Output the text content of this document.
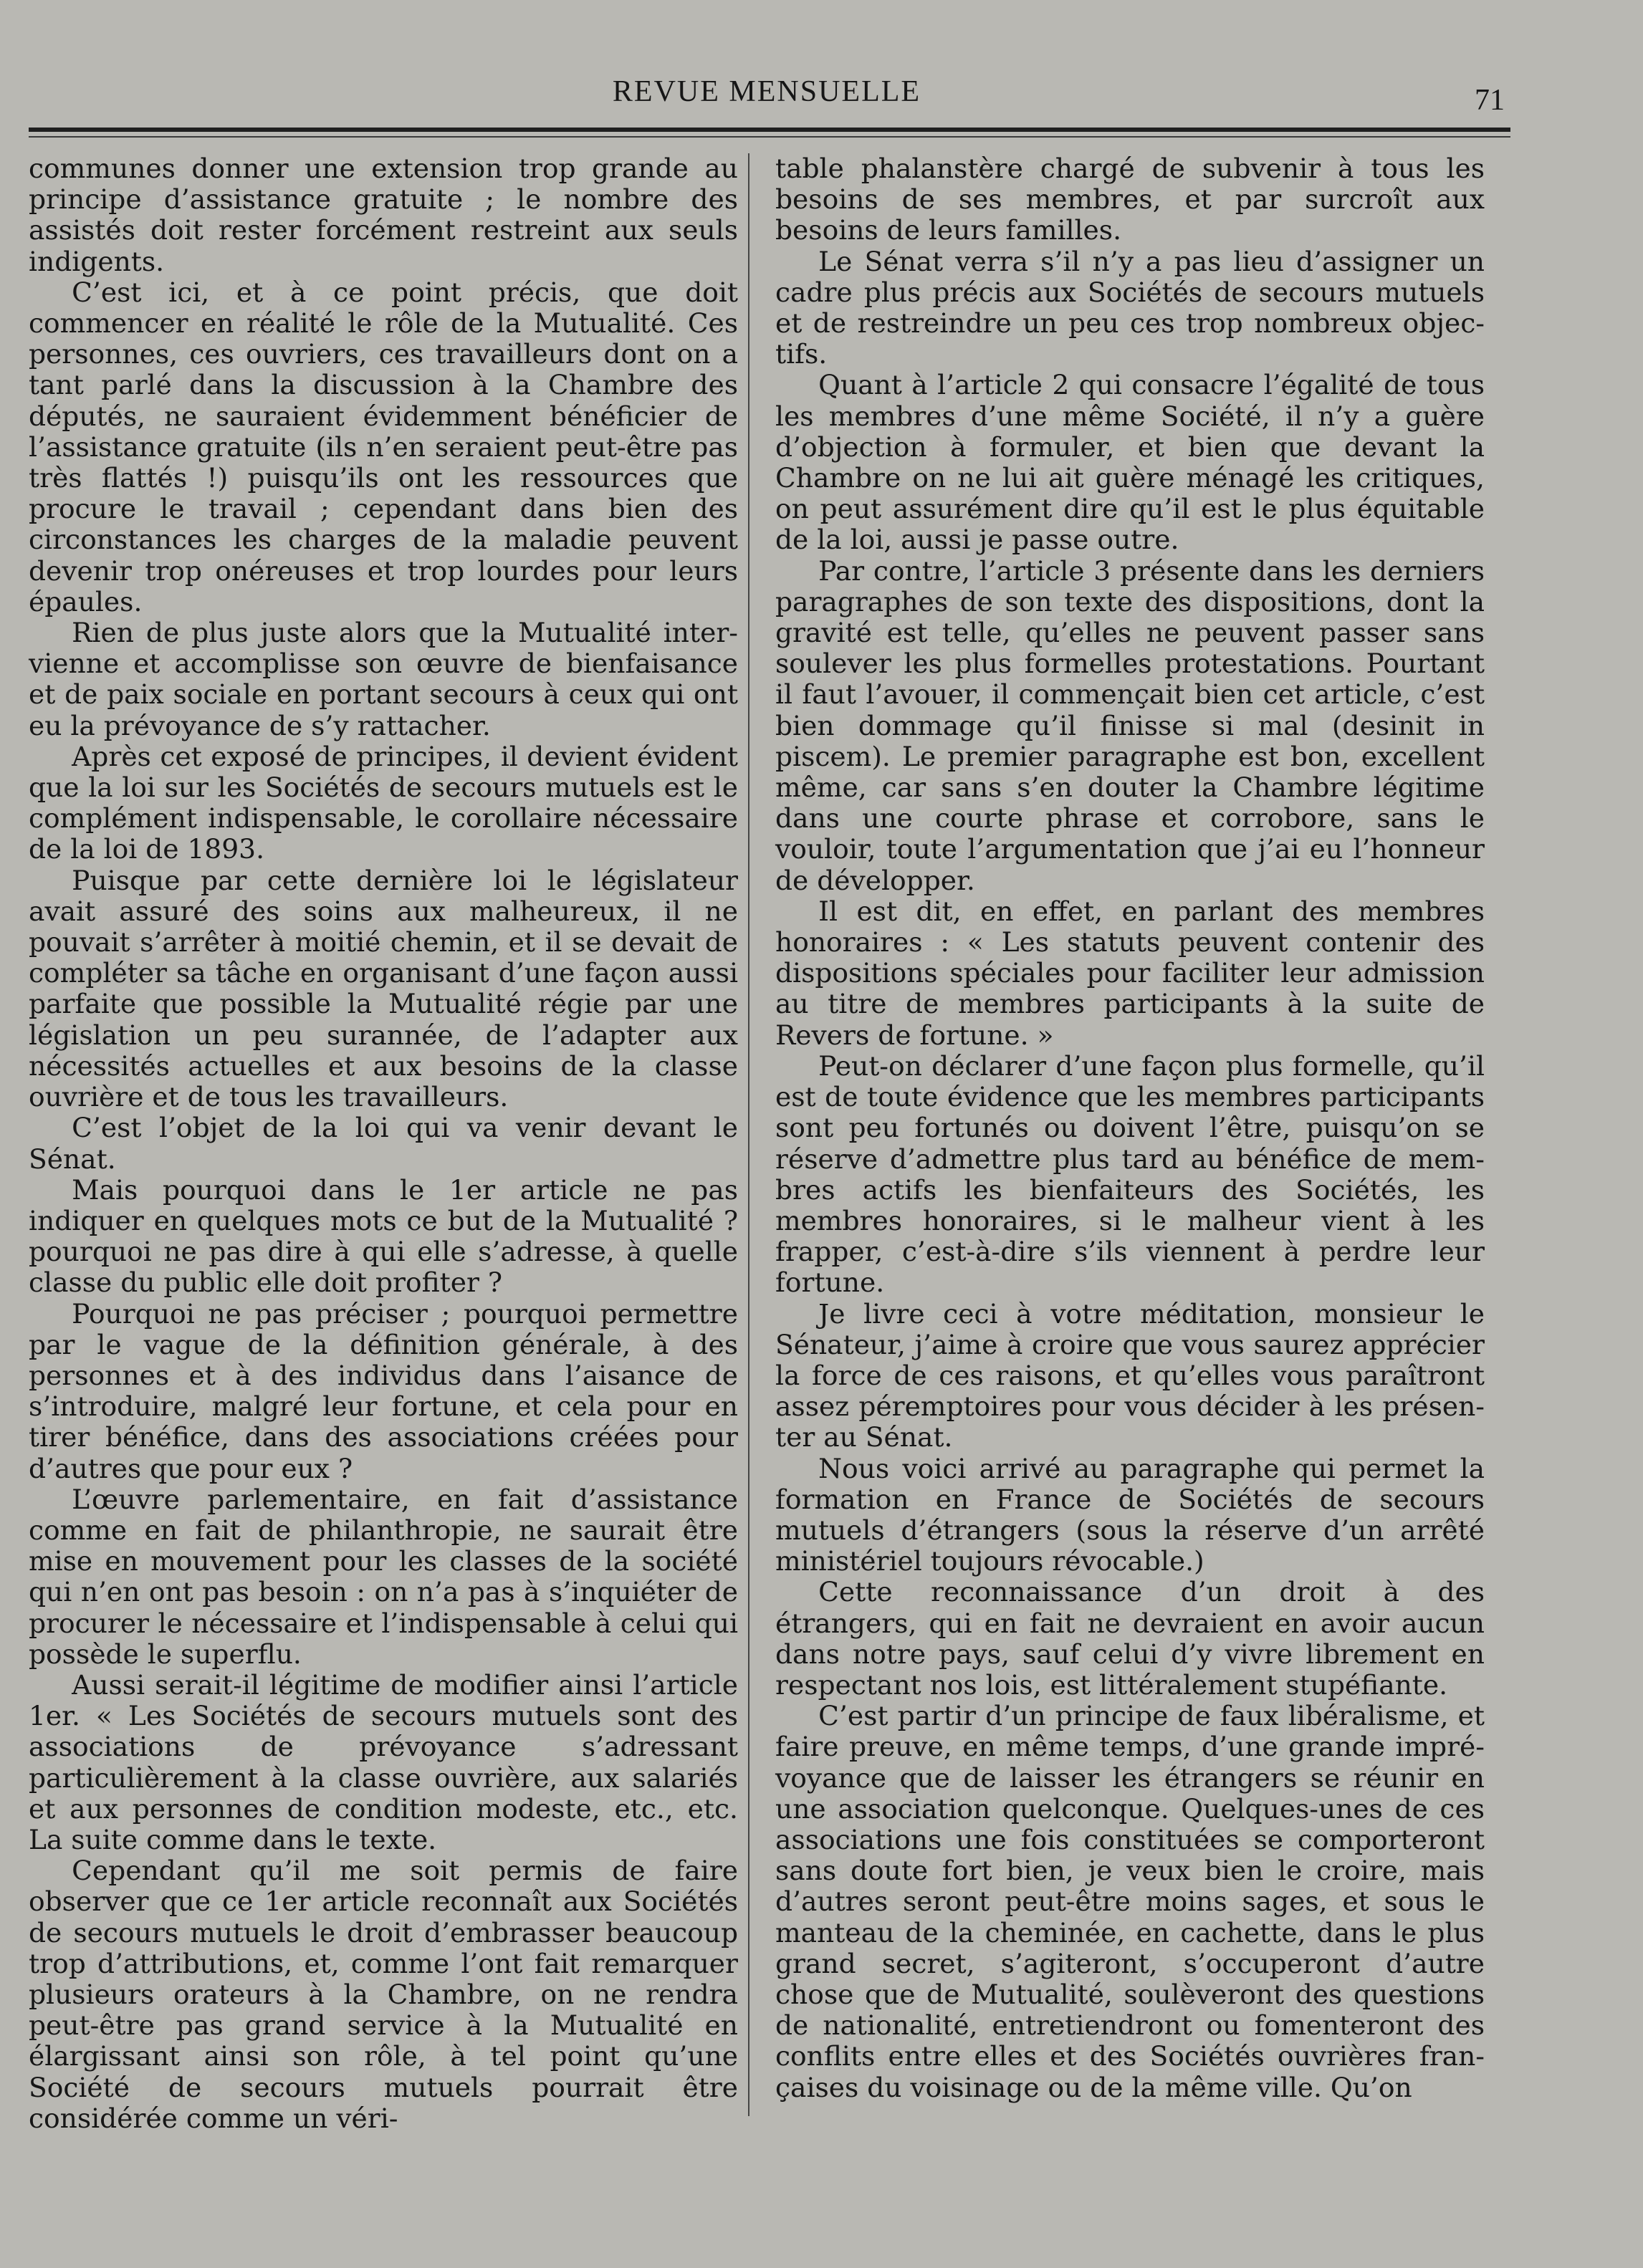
REVUE MENSUELLE	71

communes donner une extension trop grande au principe d’assistance gratuite ; le nombre des assistés doit rester forcément restreint aux seuls indigents.

C’est ici, et à ce point précis, que doit commencer en réalité le rôle de la Mutualité. Ces personnes, ces ouvriers, ces travailleurs dont on a tant parlé dans la discussion à la Chambre des députés, ne sauraient évidemment bénéficier de l’assistance gratuite (ils n’en seraient peut-être pas très flattés !) puisqu’ils ont les ressources que procure le travail ; cependant dans bien des circonstances les charges de la maladie peuvent devenir trop onéreuses et trop lourdes pour leurs épaules.

Rien de plus juste alors que la Mutualité intervienne et accomplisse son œuvre de bienfaisance et de paix sociale en portant secours à ceux qui ont eu la prévoyance de s’y rattacher.

Après cet exposé de principes, il devient évident que la loi sur les Sociétés de secours mutuels est le complément indispensable, le corollaire nécessaire de la loi de 1893.

Puisque par cette dernière loi le législateur avait assuré des soins aux malheureux, il ne pouvait s’arrêter à moitié chemin, et il se devait de compléter sa tâche en organisant d’une façon aussi parfaite que possible la Mutualité régie par une législation un peu surannée, de l’adapter aux nécessités actuelles et aux besoins de la classe ouvrière et de tous les travailleurs.

C’est l’objet de la loi qui va venir devant le Sénat.

Mais pourquoi dans le 1er article ne pas indiquer en quelques mots ce but de la Mutualité ? pourquoi ne pas dire à qui elle s’adresse, à quelle classe du public elle doit profiter ?

Pourquoi ne pas préciser ; pourquoi permettre par le vague de la définition générale, à des personnes et à des individus dans l’aisance de s’introduire, malgré leur fortune, et cela pour en tirer bénéfice, dans des associations créées pour d’autres que pour eux ?

L’œuvre parlementaire, en fait d’assistance comme en fait de philanthropie, ne saurait être mise en mouvement pour les classes de la société qui n’en ont pas besoin : on n’a pas à s’inquiéter de procurer le nécessaire et l’indispensable à celui qui possède le superflu.

Aussi serait-il légitime de modifier ainsi l’article 1er. « Les Sociétés de secours mutuels sont des associations de prévoyance s’adressant particulièrement à la classe ouvrière, aux salariés et aux personnes de condition modeste, etc., etc. La suite comme dans le texte.

Cependant qu’il me soit permis de faire observer que ce 1er article reconnaît aux Sociétés de secours mutuels le droit d’embrasser beaucoup trop d’attributions, et, comme l’ont fait remarquer plusieurs orateurs à la Chambre, on ne rendra peut-être pas grand service à la Mutualité en élargissant ainsi son rôle, à tel point qu’une Société de secours mutuels pourrait être considérée comme un véri-

table phalanstère chargé de subvenir à tous les besoins de ses membres, et par surcroît aux besoins de leurs familles.

Le Sénat verra s’il n’y a pas lieu d’assigner un cadre plus précis aux Sociétés de secours mutuels et de restreindre un peu ces trop nombreux objectifs.

Quant à l’article 2 qui consacre l’égalité de tous les membres d’une même Société, il n’y a guère d’objection à formuler, et bien que devant la Chambre on ne lui ait guère ménagé les critiques, on peut assurément dire qu’il est le plus équitable de la loi, aussi je passe outre.

Par contre, l’article 3 présente dans les derniers paragraphes de son texte des dispositions, dont la gravité est telle, qu’elles ne peuvent passer sans soulever les plus formelles protestations. Pourtant il faut l’avouer, il commençait bien cet article, c’est bien dommage qu’il finisse si mal (desinit in piscem). Le premier paragraphe est bon, excellent même, car sans s’en douter la Chambre légitime dans une courte phrase et corrobore, sans le vouloir, toute l’argumentation que j’ai eu l’honneur de développer.

Il est dit, en effet, en parlant des membres honoraires : « Les statuts peuvent contenir des dispositions spéciales pour faciliter leur admission au titre de membres participants à la suite de Revers de fortune. »

Peut-on déclarer d’une façon plus formelle, qu’il est de toute évidence que les membres participants sont peu fortunés ou doivent l’être, puisqu’on se réserve d’admettre plus tard au bénéfice de membres actifs les bienfaiteurs des Sociétés, les membres honoraires, si le malheur vient à les frapper, c’est-à-dire s’ils viennent à perdre leur fortune.

Je livre ceci à votre méditation, monsieur le Sénateur, j’aime à croire que vous saurez apprécier la force de ces raisons, et qu’elles vous paraîtront assez péremptoires pour vous décider à les présenter au Sénat.

Nous voici arrivé au paragraphe qui permet la formation en France de Sociétés de secours mutuels d’étrangers (sous la réserve d’un arrêté ministériel toujours révocable.)

Cette reconnaissance d’un droit à des étrangers, qui en fait ne devraient en avoir aucun dans notre pays, sauf celui d’y vivre librement en respectant nos lois, est littéralement stupéfiante.

C’est partir d’un principe de faux libéralisme, et faire preuve, en même temps, d’une grande imprévoyance que de laisser les étrangers se réunir en une association quelconque. Quelques-unes de ces associations une fois constituées se comporteront sans doute fort bien, je veux bien le croire, mais d’autres seront peut-être moins sages, et sous le manteau de la cheminée, en cachette, dans le plus grand secret, s’agiteront, s’occuperont d’autre chose que de Mutualité, soulèveront des questions de nationalité, entretiendront ou fomenteront des conflits entre elles et des Sociétés ouvrières françaises du voisinage ou de la même ville. Qu’on
